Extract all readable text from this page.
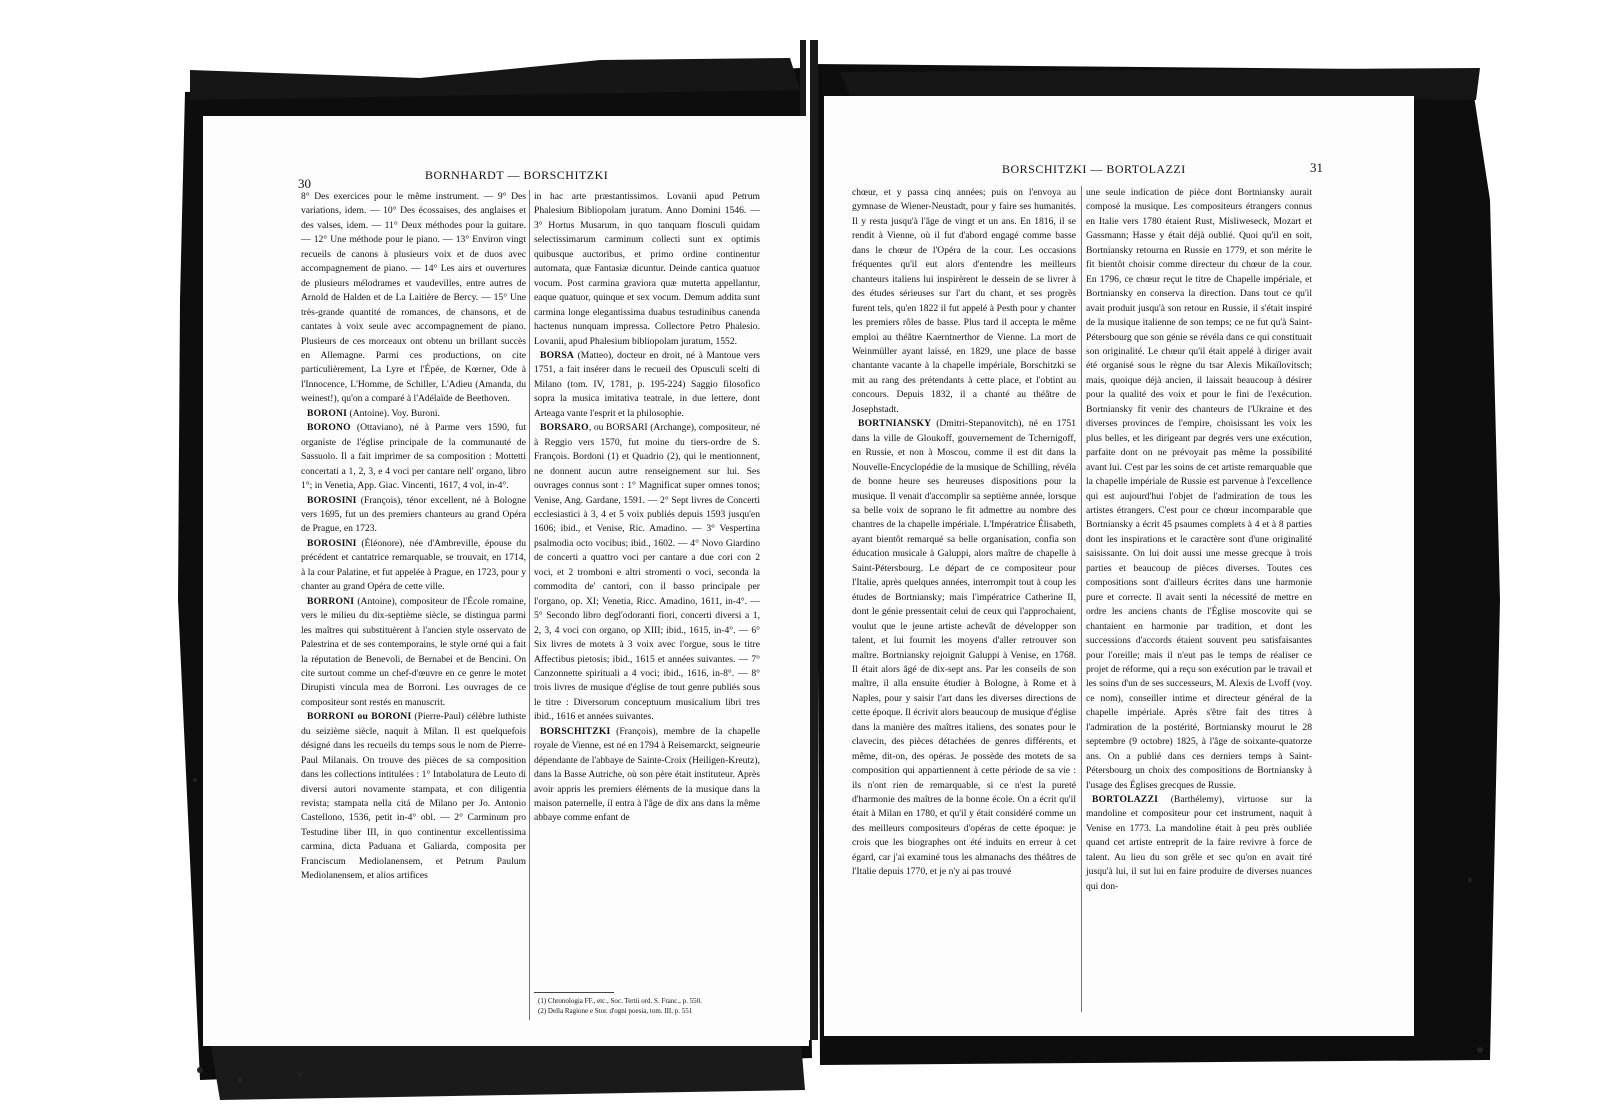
30
BORNHARDT — BORSCHITZKI

8° Des exercices pour le même instrument. — 9° Des variations, idem. — 10° Des écossaises, des anglaises et des valses, idem. — 11° Deux méthodes pour la guitare. — 12° Une méthode pour le piano. — 13° Environ vingt recueils de canons à plusieurs voix et de duos avec accompagnement de piano. — 14° Les airs et ouvertures de plusieurs mélodrames et vaudevilles, entre autres de Arnold de Halden et de La Laitière de Bercy. — 15° Une très-grande quantité de romances, de chansons, et de cantates à voix seule avec accompagnement de piano. Plusieurs de ces morceaux ont obtenu un brillant succès en Allemagne. Parmi ces productions, on cite particulièrement, La Lyre et l'Épée, de Kœrner, Ode à l'Innocence, L'Homme, de Schiller, L'Adieu (Amanda, du weinest!), qu'on a comparé à l'Adélaïde de Beethoven.

BORONI (Antoine). Voy. Buroni.

BORONO (Ottaviano), né à Parme vers 1590, fut organiste de l'église principale de la communauté de Sassuolo. Il a fait imprimer de sa composition : Mottetti concertati a 1, 2, 3, e 4 voci per cantare nell' organo, libro 1°; in Venetia, App. Giac. Vincenti, 1617, 4 vol, in-4°.

BOROSINI (François), ténor excellent, né à Bologne vers 1695, fut un des premiers chanteurs au grand Opéra de Prague, en 1723.

BOROSINI (Éléonore), née d'Ambreville, épouse du précédent et cantatrice remarquable, se trouvait, en 1714, à la cour Palatine, et fut appelée à Prague, en 1723, pour y chanter au grand Opéra de cette ville.

BORRONI (Antoine), compositeur de l'École romaine, vers le milieu du dix-septième siècle, se distingua parmi les maîtres qui substituèrent à l'ancien style osservato de Palestrina et de ses contemporains, le style orné qui a fait la réputation de Benevoli, de Bernabei et de Bencini. On cite surtout comme un chef-d'œuvre en ce genre le motet Dirupisti vincula mea de Borroni. Les ouvrages de ce compositeur sont restés en manuscrit.

BORRONI ou BORONI (Pierre-Paul) célèbre luthiste du seizième siècle, naquit à Milan. Il est quelquefois désigné dans les recueils du temps sous le nom de Pierre-Paul Milanais. On trouve des pièces de sa composition dans les collections intitulées : 1° Intabolatura de Leuto di diversi autori novamente stampata, et con diligentia revista; stampata nella citá de Milano per Jo. Antonio Castellono, 1536, petit in-4° obl. — 2° Carminum pro Testudine liber III, in quo continentur excellentissima carmina, dicta Paduana et Galiarda, composita per Franciscum Mediolanensem, et Petrum Paulum Mediolanensem, et alios artifices

in hac arte præstantissimos. Lovanii apud Petrum Phalesium Bibliopolam juratum. Anno Domini 1546. — 3° Hortus Musarum, in quo tanquam flosculi quidam selectissimarum carminum collecti sunt ex optimis quibusque auctoribus, et primo ordine continentur automata, quæ Fantasiæ dicuntur. Deinde cantica quatuor vocum. Post carmina graviora quæ mutetta appellantur, eaque quatuor, quinque et sex vocum. Demum addita sunt carmina longe elegantissima duabus testudinibus canenda hactenus nunquam impressa. Collectore Petro Phalesio. Lovanii, apud Phalesium bibliopolam juratum, 1552.

BORSA (Matteo), docteur en droit, né à Mantoue vers 1751, a fait insérer dans le recueil des Opusculi scelti di Milano (tom. IV, 1781, p. 195-224) Saggio filosofico sopra la musica imitativa teatrale, in due lettere, dont Arteaga vante l'esprit et la philosophie.

BORSARO, ou BORSARI (Archange), compositeur, né à Reggio vers 1570, fut moine du tiers-ordre de S. François. Bordoni (1) et Quadrio (2), qui le mentionnent, ne donnent aucun autre renseignement sur lui. Ses ouvrages connus sont : 1° Magnificat super omnes tonos; Venise, Ang. Gardane, 1591. — 2° Sept livres de Concerti ecclesiastici à 3, 4 et 5 voix publiés depuis 1593 jusqu'en 1606; ibid., et Venise, Ric. Amadino. — 3° Vespertina psalmodia octo vocibus; ibid., 1602. — 4° Novo Giardino de concerti a quattro voci per cantare a due cori con 2 voci, et 2 tromboni e altri stromenti o voci, seconda la commodita de' cantori, con il basso principale per l'organo, op. XI; Venetia, Ricc. Amadino, 1611, in-4°. — 5° Secondo libro degl'odoranti fiori, concerti diversi a 1, 2, 3, 4 voci con organo, op XIII; ibid., 1615, in-4°. — 6° Six livres de motets à 3 voix avec l'orgue, sous le titre Affectibus pietosis; ibid., 1615 et années suivantes. — 7° Canzonnette spirituali a 4 voci; ibid., 1616, in-8°. — 8° trois livres de musique d'église de tout genre publiés sous le titre : Diversorum conceptuum musicalium libri tres ibid., 1616 et années suivantes.

BORSCHITZKI (François), membre de la chapelle royale de Vienne, est né en 1794 à Reisemarckt, seigneurie dépendante de l'abbaye de Sainte-Croix (Heiligen-Kreutz), dans la Basse Autriche, où son père était instituteur. Après avoir appris les premiers éléments de la musique dans la maison paternelle, il entra à l'âge de dix ans dans la même abbaye comme enfant de

(1) Chronologia FF., etc., Soc. Tertii ord. S. Franc., p. 550.
(2) Della Ragione e Stor. d'ogni poesia, tom. III, p. 551
BORSCHITZKI — BORTOLAZZI	31

chœur, et y passa cinq années; puis on l'envoya au gymnase de Wiener-Neustadt, pour y faire ses humanités. Il y resta jusqu'à l'âge de vingt et un ans. En 1816, il se rendit à Vienne, où il fut d'abord engagé comme basse dans le chœur de l'Opéra de la cour. Les occasions fréquentes qu'il eut alors d'entendre les meilleurs chanteurs italiens lui inspirèrent le dessein de se livrer à des études sérieuses sur l'art du chant, et ses progrès furent tels, qu'en 1822 il fut appelé à Pesth pour y chanter les premiers rôles de basse. Plus tard il accepta le même emploi au théâtre Kaerntnerthor de Vienne. La mort de Weinmüller ayant laissé, en 1829, une place de basse chantante vacante à la chapelle impériale, Borschitzki se mit au rang des prétendants à cette place, et l'obtint au concours. Depuis 1832, il a chanté au théâtre de Josephstadt.

BORTNIANSKY (Dmitri-Stepanovitch), né en 1751 dans la ville de Gloukoff, gouvernement de Tchernigoff, en Russie, et non à Moscou, comme il est dit dans la Nouvelle-Encyclopédie de la musique de Schilling, révéla de bonne heure ses heureuses dispositions pour la musique. Il venait d'accomplir sa septième année, lorsque sa belle voix de soprano le fit admettre au nombre des chantres de la chapelle impériale. L'Impératrice Élisabeth, ayant bientôt remarqué sa belle organisation, confia son éducation musicale à Galuppi, alors maître de chapelle à Saint-Pétersbourg. Le départ de ce compositeur pour l'Italie, après quelques années, interrompit tout à coup les études de Bortniansky; mais l'impératrice Catherine II, dont le génie pressentait celui de ceux qui l'approchaient, voulut que le jeune artiste achevât de développer son talent, et lui fournit les moyens d'aller retrouver son maître. Bortniansky rejoignit Galuppi à Venise, en 1768. Il était alors âgé de dix-sept ans. Par les conseils de son maître, il alla ensuite étudier à Bologne, à Rome et à Naples, pour y saisir l'art dans les diverses directions de cette époque. Il écrivit alors beaucoup de musique d'église dans la manière des maîtres italiens, des sonates pour le clavecin, des pièces détachées de genres différents, et même, dit-on, des opéras. Je possède des motets de sa composition qui appartiennent à cette période de sa vie : ils n'ont rien de remarquable, si ce n'est la pureté d'harmonie des maîtres de la bonne école. On a écrit qu'il était à Milan en 1780, et qu'il y était considéré comme un des meilleurs compositeurs d'opéras de cette époque: je crois que les biographes ont été induits en erreur à cet égard, car j'ai examiné tous les almanachs des théâtres de l'Italie depuis 1770, et je n'y ai pas trouvé

une seule indication de pièce dont Bortniansky aurait composé la musique. Les compositeurs étrangers connus en Italie vers 1780 étaient Rust, Misliweseck, Mozart et Gassmann; Hasse y était déjà oublié. Quoi qu'il en soit, Bortniansky retourna en Russie en 1779, et son mérite le fit bientôt choisir comme directeur du chœur de la cour. En 1796, ce chœur reçut le titre de Chapelle impériale, et Bortniansky en conserva la direction. Dans tout ce qu'il avait produit jusqu'à son retour en Russie, il s'était inspiré de la musique italienne de son temps; ce ne fut qu'à Saint-Pétersbourg que son génie se révéla dans ce qui constituait son originalité. Le chœur qu'il était appelé à diriger avait été organisé sous le règne du tsar Alexis Mikaïlovitsch; mais, quoique déjà ancien, il laissait beaucoup à désirer pour la qualité des voix et pour le fini de l'exécution. Bortniansky fit venir des chanteurs de l'Ukraine et des diverses provinces de l'empire, choisissant les voix les plus belles, et les dirigeant par degrés vers une exécution, parfaite dont on ne prévoyait pas même la possibilité avant lui. C'est par les soins de cet artiste remarquable que la chapelle impériale de Russie est parvenue à l'excellence qui est aujourd'hui l'objet de l'admiration de tous les artistes étrangers. C'est pour ce chœur incomparable que Bortniansky a écrit 45 psaumes complets à 4 et à 8 parties dont les inspirations et le caractère sont d'une originalité saisissante. On lui doit aussi une messe grecque à trois parties et beaucoup de pièces diverses. Toutes ces compositions sont d'ailleurs écrites dans une harmonie pure et correcte. Il avait senti la nécessité de mettre en ordre les anciens chants de l'Église moscovite qui se chantaient en harmonie par tradition, et dont les successions d'accords étaient souvent peu satisfaisantes pour l'oreille; mais il n'eut pas le temps de réaliser ce projet de réforme, qui a reçu son exécution par le travail et les soins d'un de ses successeurs, M. Alexis de Lvoff (voy. ce nom), conseiller intime et directeur général de la chapelle impériale. Après s'être fait des titres à l'admiration de la postérité, Bortniansky mourut le 28 septembre (9 octobre) 1825, à l'âge de soixante-quatorze ans. On a publié dans ces derniers temps à Saint-Pétersbourg un choix des compositions de Bortniansky à l'usage des Églises grecques de Russie.

BORTOLAZZI (Barthélemy), virtuose sur la mandoline et compositeur pour cet instrument, naquit à Venise en 1773. La mandoline était à peu près oubliée quand cet artiste entreprit de la faire revivre à force de talent. Au lieu du son grêle et sec qu'on en avait tiré jusqu'à lui, il sut lui en faire produire de diverses nuances qui don-
